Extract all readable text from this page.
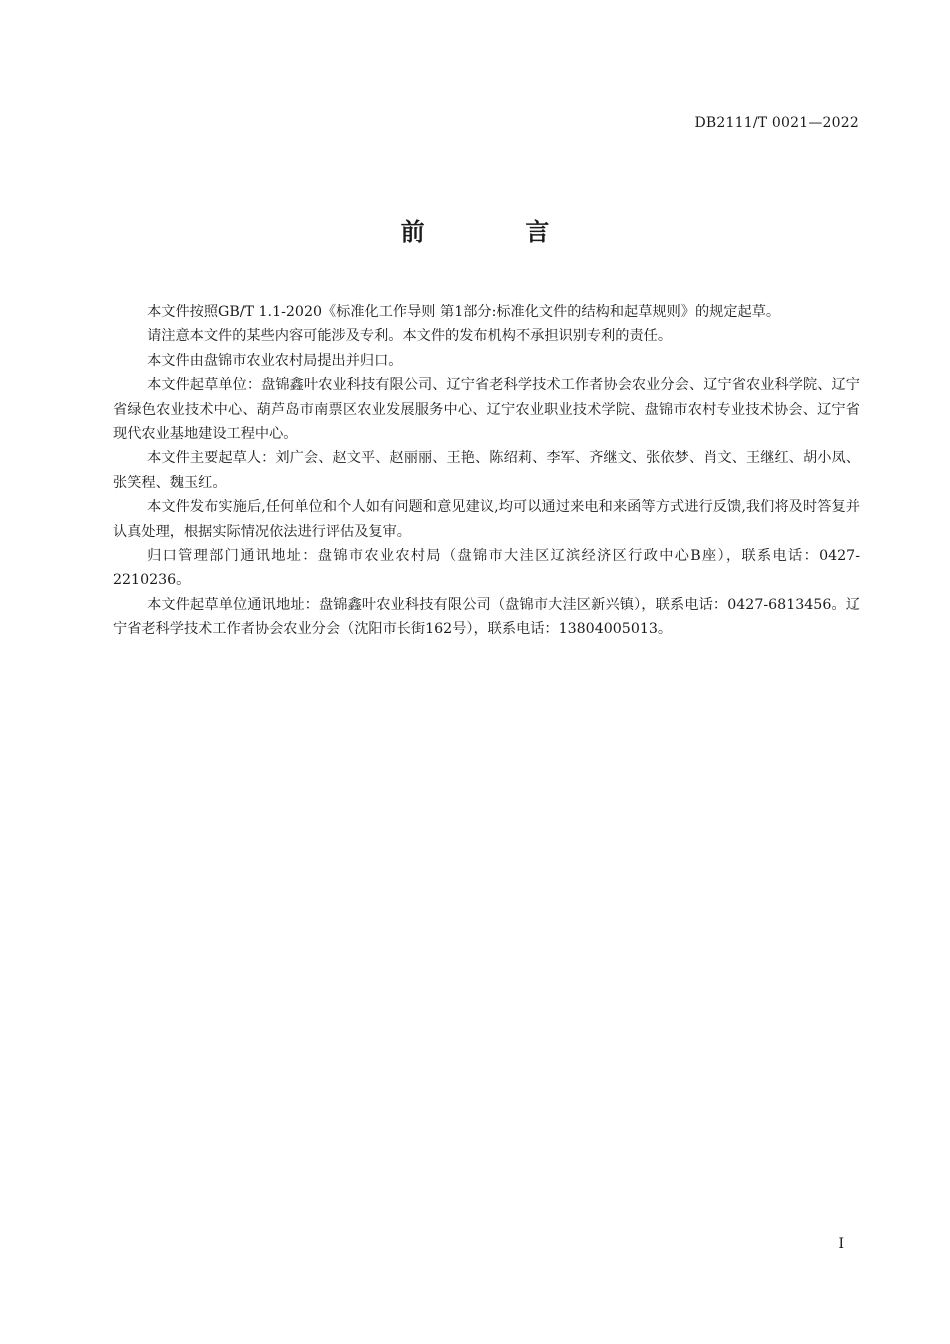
DB2111/T 0021—2022
前　言

本文件按照GB/T 1.1-2020《标准化工作导则 第1部分:标准化文件的结构和起草规则》的规定起草。

请注意本文件的某些内容可能涉及专利。本文件的发布机构不承担识别专利的责任。

本文件由盘锦市农业农村局提出并归口。

本文件起草单位：盘锦鑫叶农业科技有限公司、辽宁省老科学技术工作者协会农业分会、辽宁省农业科学院、辽宁省绿色农业技术中心、葫芦岛市南票区农业发展服务中心、辽宁农业职业技术学院、盘锦市农村专业技术协会、辽宁省现代农业基地建设工程中心。

本文件主要起草人：刘广会、赵文平、赵丽丽、王艳、陈绍莉、李军、齐继文、张依梦、肖文、王继红、胡小凤、张笑程、魏玉红。

本文件发布实施后,任何单位和个人如有问题和意见建议,均可以通过来电和来函等方式进行反馈,我们将及时答复并认真处理，根据实际情况依法进行评估及复审。

归口管理部门通讯地址：盘锦市农业农村局（盘锦市大洼区辽滨经济区行政中心B座），联系电话：0427-2210236。

本文件起草单位通讯地址：盘锦鑫叶农业科技有限公司（盘锦市大洼区新兴镇），联系电话：0427-6813456。辽宁省老科学技术工作者协会农业分会（沈阳市长街162号），联系电话：13804005013。

I
